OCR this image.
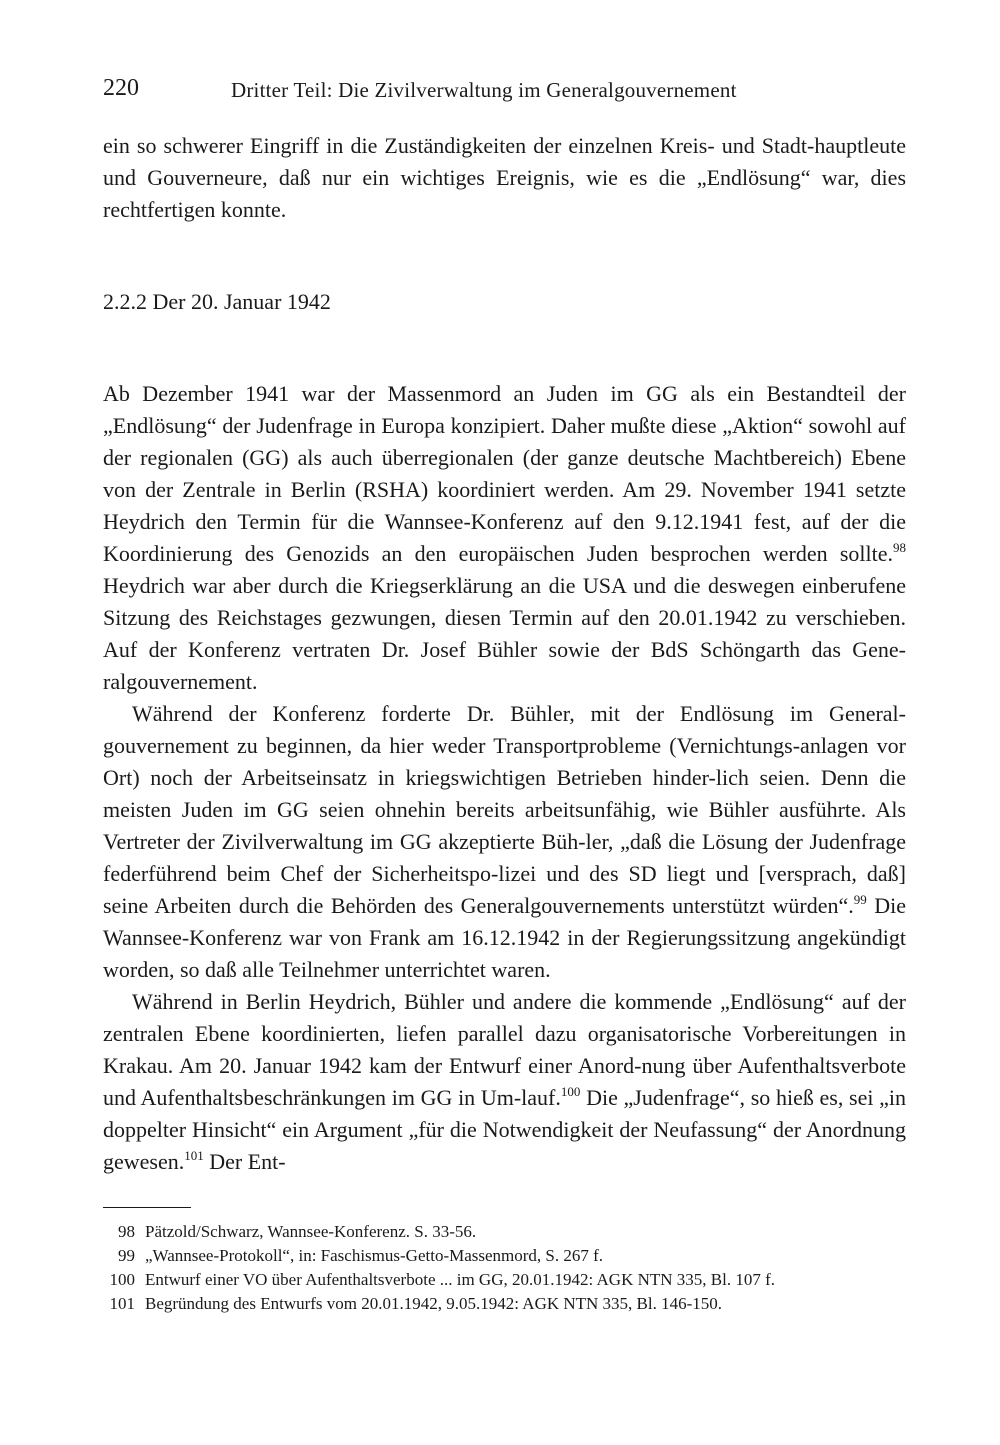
220	Dritter Teil: Die Zivilverwaltung im Generalgouvernement

ein so schwerer Eingriff in die Zuständigkeiten der einzelnen Kreis- und Stadt-hauptleute und Gouverneure, daß nur ein wichtiges Ereignis, wie es die „Endlösung“ war, dies rechtfertigen konnte.

2.2.2 Der 20. Januar 1942

Ab Dezember 1941 war der Massenmord an Juden im GG als ein Bestandteil der „Endlösung“ der Judenfrage in Europa konzipiert. Daher mußte diese „Aktion“ sowohl auf der regionalen (GG) als auch überregionalen (der ganze deutsche Machtbereich) Ebene von der Zentrale in Berlin (RSHA) koordiniert werden. Am 29. November 1941 setzte Heydrich den Termin für die Wannsee-Konferenz auf den 9.12.1941 fest, auf der die Koordinierung des Genozids an den europäischen Juden besprochen werden sollte.$^{98}$ Heydrich war aber durch die Kriegserklärung an die USA und die deswegen einberufene Sitzung des Reichstages gezwungen, diesen Termin auf den 20.01.1942 zu verschieben. Auf der Konferenz vertraten Dr. Josef Bühler sowie der BdS Schöngarth das Gene-ralgouvernement.

Während der Konferenz forderte Dr. Bühler, mit der Endlösung im General-gouvernement zu beginnen, da hier weder Transportprobleme (Vernichtungs-anlagen vor Ort) noch der Arbeitseinsatz in kriegswichtigen Betrieben hinder-lich seien. Denn die meisten Juden im GG seien ohnehin bereits arbeitsunfähig, wie Bühler ausführte. Als Vertreter der Zivilverwaltung im GG akzeptierte Büh-ler, „daß die Lösung der Judenfrage federführend beim Chef der Sicherheitspo-lizei und des SD liegt und [versprach, daß] seine Arbeiten durch die Behörden des Generalgouvernements unterstützt würden“.$^{99}$ Die Wannsee-Konferenz war von Frank am 16.12.1942 in der Regierungssitzung angekündigt worden, so daß alle Teilnehmer unterrichtet waren.

Während in Berlin Heydrich, Bühler und andere die kommende „Endlösung“ auf der zentralen Ebene koordinierten, liefen parallel dazu organisatorische Vorbereitungen in Krakau. Am 20. Januar 1942 kam der Entwurf einer Anord-nung über Aufenthaltsverbote und Aufenthaltsbeschränkungen im GG in Um-lauf.$^{100}$ Die „Judenfrage“, so hieß es, sei „in doppelter Hinsicht“ ein Argument „für die Notwendigkeit der Neufassung“ der Anordnung gewesen.$^{101}$ Der Ent-

98 Pätzold/Schwarz, Wannsee-Konferenz. S. 33-56.
99 „Wannsee-Protokoll“, in: Faschismus-Getto-Massenmord, S. 267 f.
100 Entwurf einer VO über Aufenthaltsverbote ... im GG, 20.01.1942: AGK NTN 335, Bl. 107 f.
101 Begründung des Entwurfs vom 20.01.1942, 9.05.1942: AGK NTN 335, Bl. 146-150.
